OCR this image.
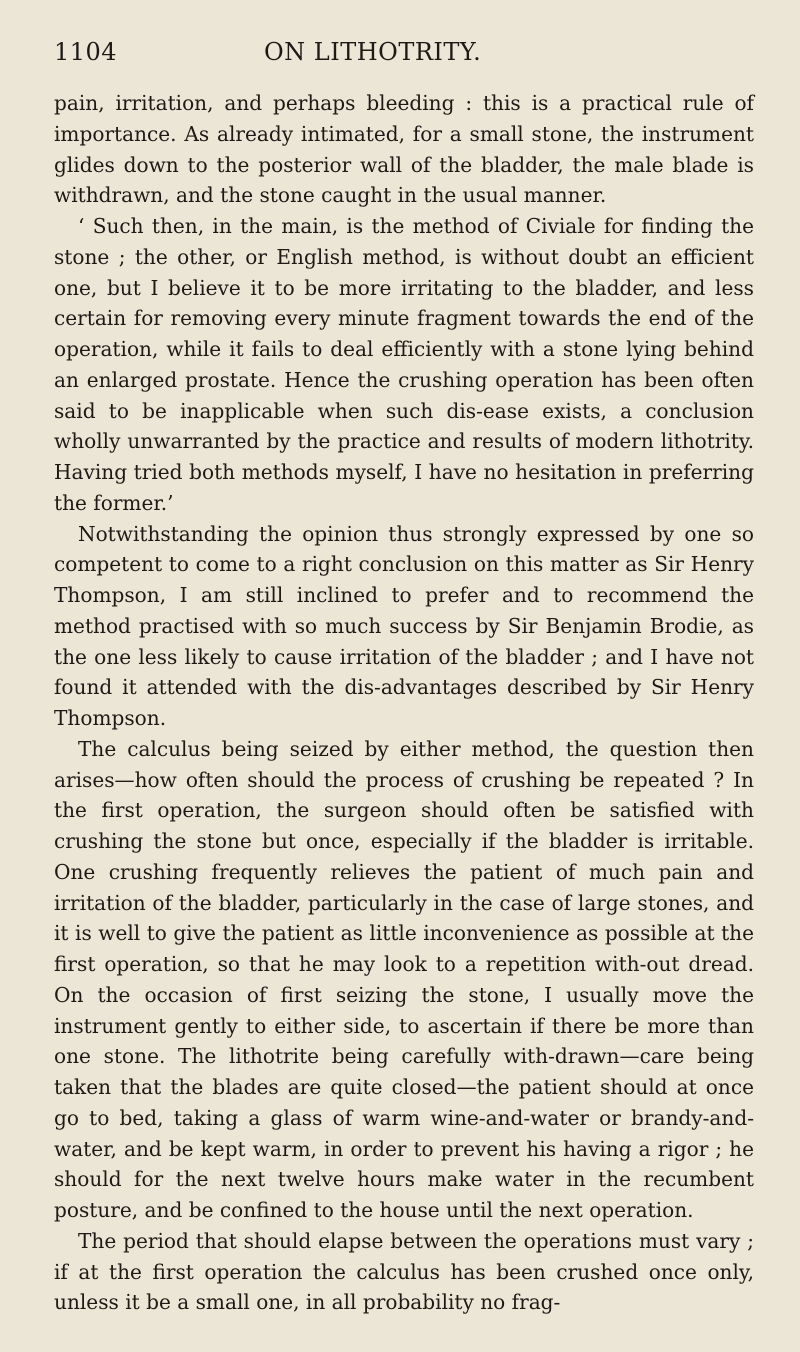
1104	ON LITHOTRITY.

pain, irritation, and perhaps bleeding : this is a practical rule of importance. As already intimated, for a small stone, the instrument glides down to the posterior wall of the bladder, the male blade is withdrawn, and the stone caught in the usual manner.

‘ Such then, in the main, is the method of Civiale for finding the stone ; the other, or English method, is without doubt an efficient one, but I believe it to be more irritating to the bladder, and less certain for removing every minute fragment towards the end of the operation, while it fails to deal efficiently with a stone lying behind an enlarged prostate. Hence the crushing operation has been often said to be inapplicable when such dis-ease exists, a conclusion wholly unwarranted by the practice and results of modern lithotrity. Having tried both methods myself, I have no hesitation in preferring the former.’

Notwithstanding the opinion thus strongly expressed by one so competent to come to a right conclusion on this matter as Sir Henry Thompson, I am still inclined to prefer and to recommend the method practised with so much success by Sir Benjamin Brodie, as the one less likely to cause irritation of the bladder ; and I have not found it attended with the dis-advantages described by Sir Henry Thompson.

The calculus being seized by either method, the question then arises—how often should the process of crushing be repeated ? In the first operation, the surgeon should often be satisfied with crushing the stone but once, especially if the bladder is irritable. One crushing frequently relieves the patient of much pain and irritation of the bladder, particularly in the case of large stones, and it is well to give the patient as little inconvenience as possible at the first operation, so that he may look to a repetition with-out dread. On the occasion of first seizing the stone, I usually move the instrument gently to either side, to ascertain if there be more than one stone. The lithotrite being carefully with-drawn—care being taken that the blades are quite closed—the patient should at once go to bed, taking a glass of warm wine-and-water or brandy-and-water, and be kept warm, in order to prevent his having a rigor ; he should for the next twelve hours make water in the recumbent posture, and be confined to the house until the next operation.

The period that should elapse between the operations must vary ; if at the first operation the calculus has been crushed once only, unless it be a small one, in all probability no frag-
